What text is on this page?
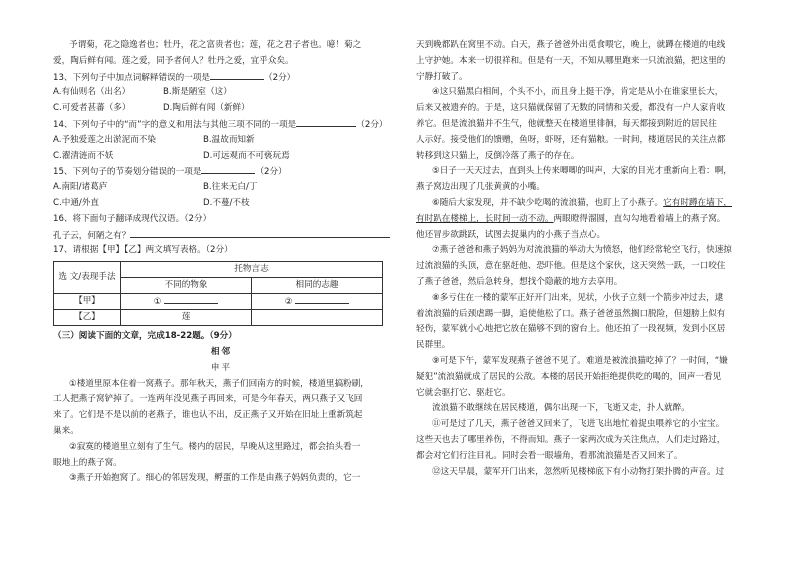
予谓菊，花之隐逸者也；牡丹，花之富贵者也；莲，花之君子者也。噫！菊之
爱，陶后鲜有闻。莲之爱，同予者何人？牡丹之爱，宜乎众矣。
13、下列句子中加点词解释错误的一项是	（2分）
A.有仙则名（出名）	B.斯是陋室（这）
C.可爱者甚蕃（多）	D.陶后鲜有闻（新鲜）
14、下列句子中的“而”字的意义和用法与其他三项不同的一项是	（2分）
A.予独爱莲之出淤泥而不染	B.温故而知新
C.濯清涟而不妖	D.可远观而不可亵玩焉
15、下列句子的节奏划分错误的一项是	（2分）
A.南阳/诸葛庐	B.往来无白/丁
C.中通/外直	D.不蔓/不枝
16、将下面句子翻译成现代汉语。（2分）
孔子云，何陋之有？
17、请根据【甲】【乙】两文填写表格。（2分）
选 文/表现手法	托物言志	
	不同的物象	相同的志趣
【甲】	①	②
【乙】	莲	
（三）阅读下面的文章，完成18-22题。（9分）
相邻
申平
①楼道里原本住着一窝燕子。那年秋天，燕子们回南方的时候，楼道里搞粉刷，
工人把燕子窝铲掉了。一连两年没见燕子再回来，可是今年春天，两只燕子又飞回
来了。它们是不是以前的老燕子，谁也认不出，反正燕子又开始在旧址上重新筑起
巢来。
②寂寞的楼道里立刻有了生气。楼内的居民，早晚从这里路过，都会抬头看一
眼地上的燕子窝。
③燕子开始抱窝了。细心的邻居发现，孵蛋的工作是由燕子妈妈负责的，它一
天到晚都趴在窝里不动。白天，燕子爸爸外出觅食喂它，晚上，就蹲在楼道的电线
上守护她。本来一切很祥和。但是有一天，不知从哪里跑来一只流浪猫，把这里的
宁静打破了。
④这只猫黑白相间，个头不小，而且身上挺干净，肯定是从小在谁家里长大，
后来又被遗弃的。于是，这只猫就保留了无数的同情和关爱，都没有一户人家肯收
养它。但是流浪猫并不生气，他就整天在楼道里徘徊，每天都接到附近的居民往
人示好。接受他们的馈赠，鱼呀，虾呀，还有猫粮。一时间，楼道居民的关注点都
转移到这只猫上，反倒冷落了燕子的存在。
⑤日子一天天过去，直到头上传来唧唧的叫声，大家的目光才重新向上看：啊，
燕子窝边出现了几张黄黄的小嘴。
⑥随后大家发现，并不缺少吃喝的流浪猫，也盯上了小燕子。它有时蹲在墙下，
有时趴在楼梯上，长时间一动不动。两眼瞪得溜圆，直勾勾地看着墙上的燕子窝。
他还冒步欲跳跃，试图去捉巢内的小燕子当点心。
⑦燕子爸爸和燕子妈妈为对流浪猫的举动大为愤怒，他们经常轮空飞行，快速掠
过流浪猫的头顶，意在驱赶他、恐吓他。但是这个家伙，这天突然一跃，一口咬住
了燕子爸爸，然后急转身，想找个隐蔽的地方去享用。
⑧多亏住在一楼的蒙军正好开门出来，见状，小伙子立刻一个箭步冲过去，逮
着流浪猫的后颈虐踢一脚，追使他松了口。燕子爸爸虽然搁口脱险，但翅膀上似有
轻伤，蒙军就小心地把它放在猫够不到的窗台上。他还拍了一段视频，发到小区居
民群里。
⑨可是下午，蒙军发现燕子爸爸不见了。难道是被流浪猫吃掉了？一时间，“嫌
疑犯”流浪猫就成了居民的公敌。本楼的居民开始拒绝提供吃的喝的，回声一看见
它就会驱打它、驱赶它。
流浪猫不敢继续在居民楼道，偶尔出现一下，飞逝又走，扑人就醉。
⑪可是过了几天，燕子爸爸又回来了，飞进飞出地忙着捉虫喂养它的小宝宝。
这些天也去了哪里养伤，不得而知。燕子一家两次成为关注焦点，人们走过路过，
都会对它们行注目礼。同时会看一眼墙角，看那流浪猫是否又回来了。
⑫这天早晨，蒙军开门出来，忽然听见楼梯底下有小动物打架扑腾的声音。过
